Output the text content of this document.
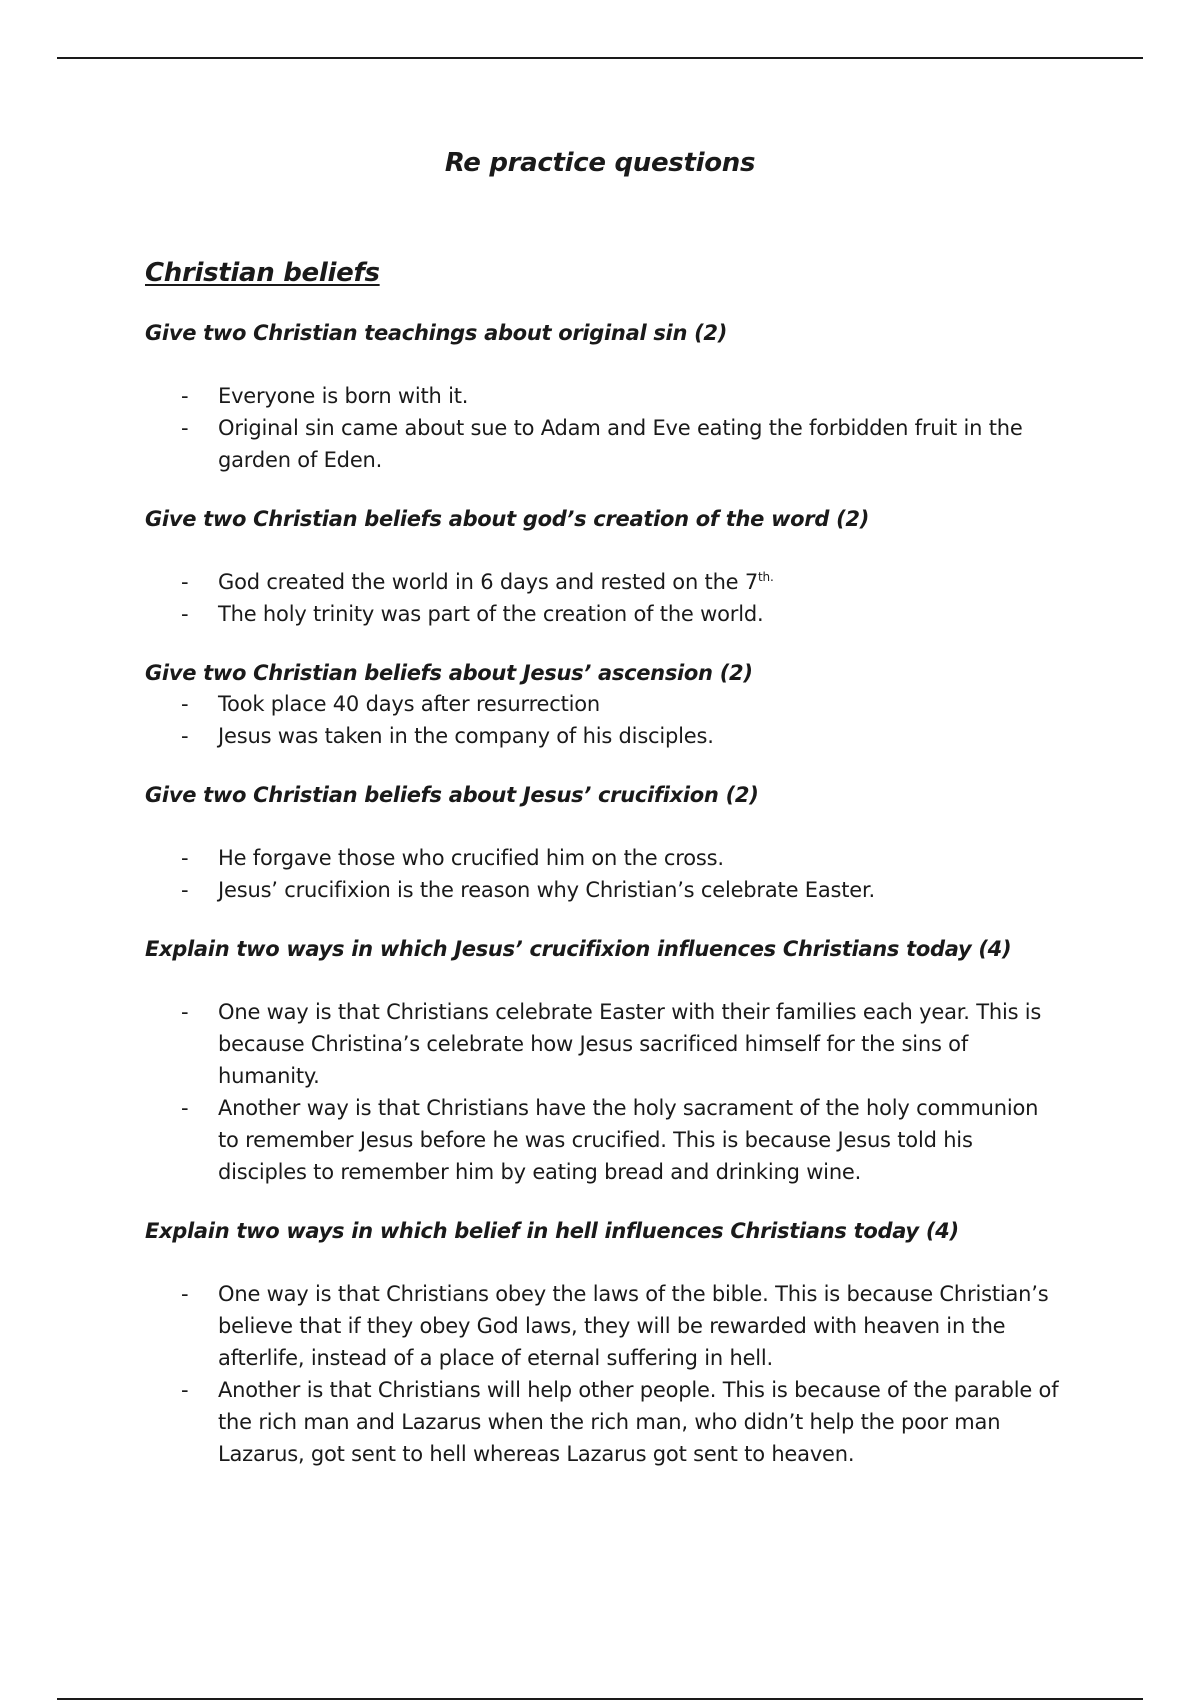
Re practice questions
Christian beliefs

Give two Christian teachings about original sin (2)

- Everyone is born with it.
- Original sin came about sue to Adam and Eve eating the forbidden fruit in the garden of Eden.

Give two Christian beliefs about god’s creation of the word (2)

- God created the world in 6 days and rested on the $7^{th.}$
- The holy trinity was part of the creation of the world.

Give two Christian beliefs about Jesus’ ascension (2)

- Took place 40 days after resurrection
- Jesus was taken in the company of his disciples.

Give two Christian beliefs about Jesus’ crucifixion (2)

- He forgave those who crucified him on the cross.
- Jesus’ crucifixion is the reason why Christian’s celebrate Easter.

Explain two ways in which Jesus’ crucifixion influences Christians today (4)

- One way is that Christians celebrate Easter with their families each year. This is because Christina’s celebrate how Jesus sacrificed himself for the sins of humanity.
- Another way is that Christians have the holy sacrament of the holy communion to remember Jesus before he was crucified. This is because Jesus told his disciples to remember him by eating bread and drinking wine.

Explain two ways in which belief in hell influences Christians today (4)

- One way is that Christians obey the laws of the bible. This is because Christian’s believe that if they obey God laws, they will be rewarded with heaven in the afterlife, instead of a place of eternal suffering in hell.
- Another is that Christians will help other people. This is because of the parable of the rich man and Lazarus when the rich man, who didn’t help the poor man Lazarus, got sent to hell whereas Lazarus got sent to heaven.
